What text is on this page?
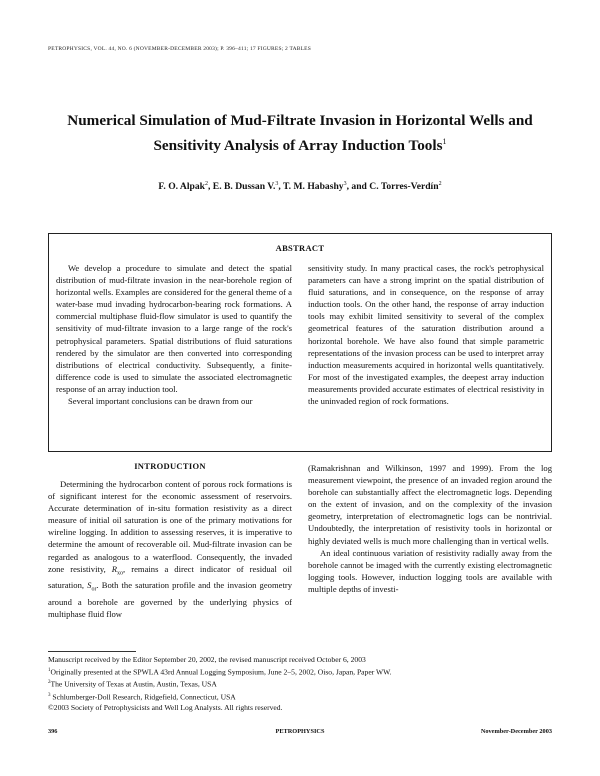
PETROPHYSICS, VOL. 44, NO. 6 (NOVEMBER-DECEMBER 2003); P. 396–411; 17 FIGURES; 2 TABLES
Numerical Simulation of Mud-Filtrate Invasion in Horizontal Wells and
Sensitivity Analysis of Array Induction Tools$^1$
F. O. Alpak$^2$, E. B. Dussan V.$^3$, T. M. Habashy$^3$, and C. Torres-Verdín$^2$
ABSTRACT

We develop a procedure to simulate and detect the spatial distribution of mud-filtrate invasion in the near-borehole region of horizontal wells. Examples are considered for the general theme of a water-base mud invading hydrocarbon-bearing rock formations. A commercial multiphase fluid-flow simulator is used to quantify the sensitivity of mud-filtrate invasion to a large range of the rock's petrophysical parameters. Spatial distributions of fluid saturations rendered by the simulator are then converted into corresponding distributions of electrical conductivity. Subsequently, a finite-difference code is used to simulate the associated electromagnetic response of an array induction tool.

Several important conclusions can be drawn from our

sensitivity study. In many practical cases, the rock's petrophysical parameters can have a strong imprint on the spatial distribution of fluid saturations, and in consequence, on the response of array induction tools. On the other hand, the response of array induction tools may exhibit limited sensitivity to several of the complex geometrical features of the saturation distribution around a horizontal borehole. We have also found that simple parametric representations of the invasion process can be used to interpret array induction measurements acquired in horizontal wells quantitatively. For most of the investigated examples, the deepest array induction measurements provided accurate estimates of electrical resistivity in the uninvaded region of rock formations.

INTRODUCTION

Determining the hydrocarbon content of porous rock formations is of significant interest for the economic assessment of reservoirs. Accurate determination of in-situ formation resistivity as a direct measure of initial oil saturation is one of the primary motivations for wireline logging. In addition to assessing reserves, it is imperative to determine the amount of recoverable oil. Mud-filtrate invasion can be regarded as analogous to a waterflood. Consequently, the invaded zone resistivity, $R_{xo}$, remains a direct indicator of residual oil saturation, $S_{or}$. Both the saturation profile and the invasion geometry around a borehole are governed by the underlying physics of multiphase fluid flow

(Ramakrishnan and Wilkinson, 1997 and 1999). From the log measurement viewpoint, the presence of an invaded region around the borehole can substantially affect the electromagnetic logs. Depending on the extent of invasion, and on the complexity of the invasion geometry, interpretation of electromagnetic logs can be nontrivial. Undoubtedly, the interpretation of resistivity tools in horizontal or highly deviated wells is much more challenging than in vertical wells.

An ideal continuous variation of resistivity radially away from the borehole cannot be imaged with the currently existing electromagnetic logging tools. However, induction logging tools are available with multiple depths of investi-

Manuscript received by the Editor September 20, 2002, the revised manuscript received October 6, 2003
$^1$Originally presented at the SPWLA 43rd Annual Logging Symposium, June 2–5, 2002, Oiso, Japan, Paper WW.
$^2$The University of Texas at Austin, Austin, Texas, USA
$^3$ Schlumberger-Doll Research, Ridgefield, Connecticut, USA
©2003 Society of Petrophysicists and Well Log Analysts. All rights reserved.
396	PETROPHYSICS	November-December 2003
